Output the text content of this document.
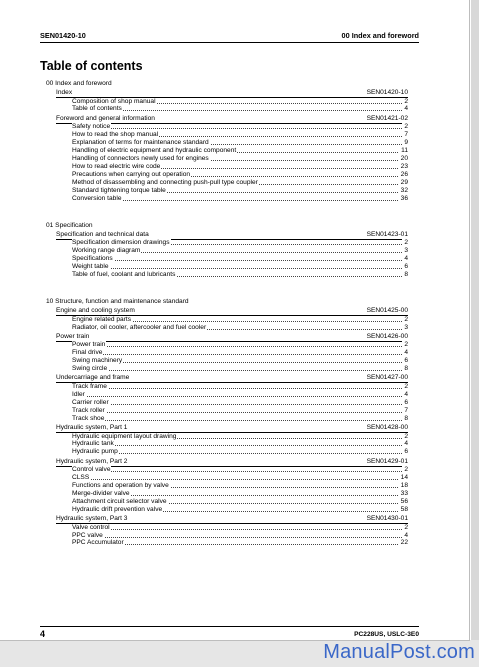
SEN01420-10	00 Index and foreword
Table of contents
00 Index and foreword
Index	SEN01420-10
Composition of shop manual	2
Table of contents	4
Foreword and general information	SEN01421-02
Safety notice	2
How to read the shop manual	7
Explanation of terms for maintenance standard	9
Handling of electric equipment and hydraulic component	11
Handling of connectors newly used for engines	20
How to read electric wire code	23
Precautions when carrying out operation	26
Method of disassembling and connecting push-pull type coupler	29
Standard tightening torque table	32
Conversion table	36
01 Specification
Specification and technical data	SEN01423-01
Specification dimension drawings	2
Working range diagram	3
Specifications	4
Weight table	6
Table of fuel, coolant and lubricants	8
10 Structure, function and maintenance standard
Engine and cooling system	SEN01425-00
Engine related parts	2
Radiator, oil cooler, aftercooler and fuel cooler	3
Power train	SEN01426-00
Power train	2
Final drive	4
Swing machinery	6
Swing circle	8
Undercarriage and frame	SEN01427-00
Track frame	2
Idler	4
Carrier roller	6
Track roller	7
Track shoe	8
Hydraulic system, Part 1	SEN01428-00
Hydraulic equipment layout drawing	2
Hydraulic tank	4
Hydraulic pump	6
Hydraulic system, Part 2	SEN01429-01
Control valve	2
CLSS	14
Functions and operation by valve	18
Merge-divider valve	33
Attachment circuit selector valve	56
Hydraulic drift prevention valve	58
Hydraulic system, Part 3	SEN01430-01
Valve control	2
PPC valve	4
PPC Accumulator	22
4	PC228US, USLC-3E0
ManualPost.com
